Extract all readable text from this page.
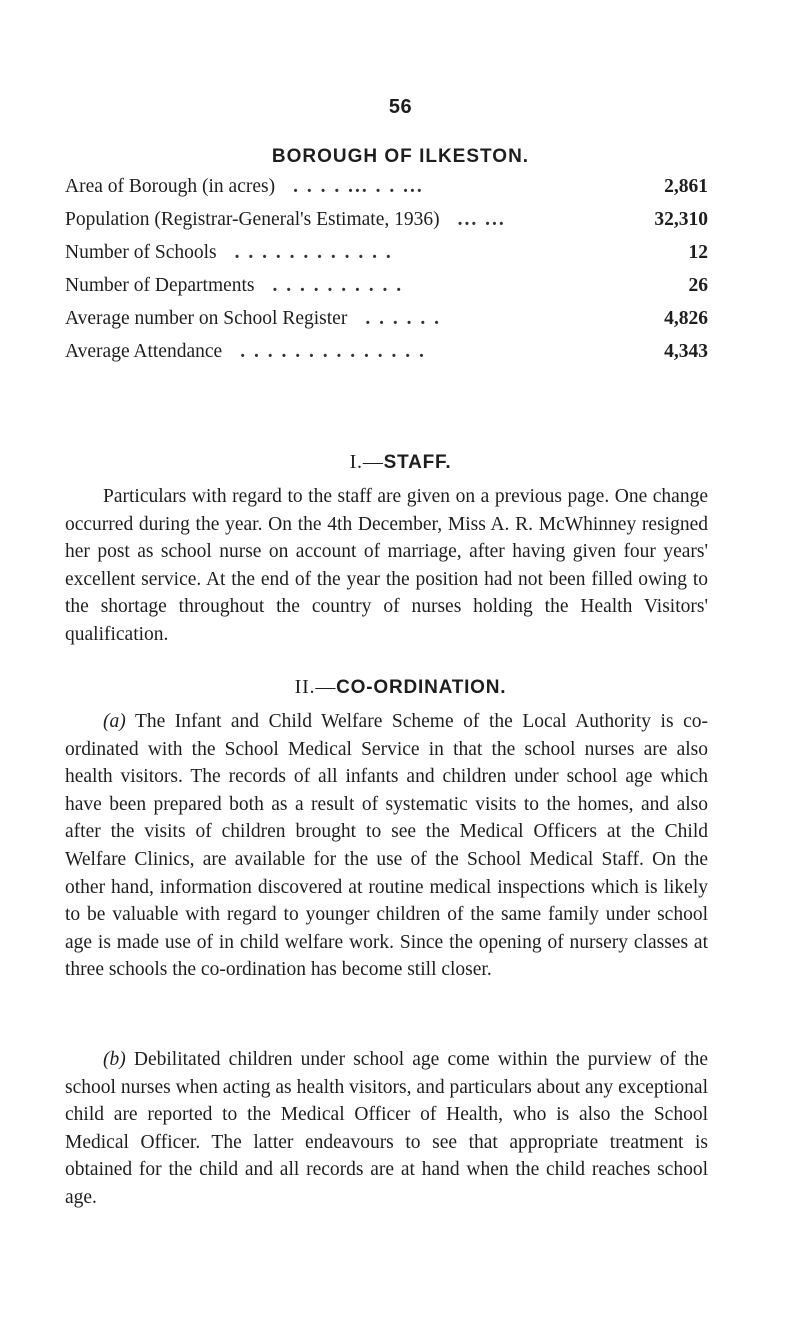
56
BOROUGH OF ILKESTON.
Area of Borough (in acres) . . . . ... . . ...	2,861
Population (Registrar-General's Estimate, 1936) ... ...	32,310
Number of Schools . . . . . . . . . . . .	12
Number of Departments . . . . . . . . . .	26
Average number on School Register . . . . . .	4,826
Average Attendance . . . . . . . . . . . . . .	4,343
I.—STAFF.

Particulars with regard to the staff are given on a previous page. One change occurred during the year. On the 4th December, Miss A. R. McWhinney resigned her post as school nurse on account of marriage, after having given four years' excellent service. At the end of the year the position had not been filled owing to the shortage throughout the country of nurses holding the Health Visitors' qualification.

II.—CO-ORDINATION.

(a) The Infant and Child Welfare Scheme of the Local Authority is co-ordinated with the School Medical Service in that the school nurses are also health visitors. The records of all infants and children under school age which have been prepared both as a result of systematic visits to the homes, and also after the visits of children brought to see the Medical Officers at the Child Welfare Clinics, are available for the use of the School Medical Staff. On the other hand, information discovered at routine medical inspections which is likely to be valuable with regard to younger children of the same family under school age is made use of in child welfare work. Since the opening of nursery classes at three schools the co-ordination has become still closer.

(b) Debilitated children under school age come within the purview of the school nurses when acting as health visitors, and particulars about any exceptional child are reported to the Medical Officer of Health, who is also the School Medical Officer. The latter endeavours to see that appropriate treatment is obtained for the child and all records are at hand when the child reaches school age.
